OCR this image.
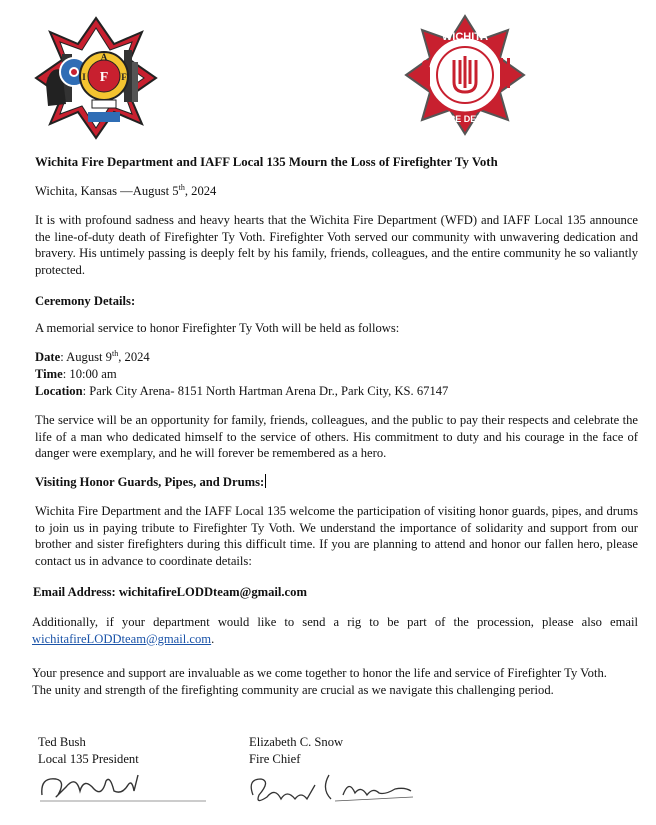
F
I	F
A
WICHITA
FIRE DEPT.
Wichita Fire Department and IAFF Local 135 Mourn the Loss of Firefighter Ty Voth
Wichita, Kansas —August 5th, 2024
It is with profound sadness and heavy hearts that the Wichita Fire Department (WFD) and IAFF Local 135 announce the line-of-duty death of Firefighter Ty Voth. Firefighter Voth served our community with unwavering dedication and bravery. His untimely passing is deeply felt by his family, friends, colleagues, and the entire community he so valiantly protected.
Ceremony Details:
A memorial service to honor Firefighter Ty Voth will be held as follows:
Date: August 9th, 2024
Time: 10:00 am
Location: Park City Arena- 8151 North Hartman Arena Dr., Park City, KS. 67147
The service will be an opportunity for family, friends, colleagues, and the public to pay their respects and celebrate the life of a man who dedicated himself to the service of others. His commitment to duty and his courage in the face of danger were exemplary, and he will forever be remembered as a hero.
Visiting Honor Guards, Pipes, and Drums:
Wichita Fire Department and the IAFF Local 135 welcome the participation of visiting honor guards, pipes, and drums to join us in paying tribute to Firefighter Ty Voth. We understand the importance of solidarity and support from our brother and sister firefighters during this difficult time. If you are planning to attend and honor our fallen hero, please contact us in advance to coordinate details:
Email Address: wichitafireLODDteam@gmail.com
Additionally, if your department would like to send a rig to be part of the procession, please also email wichitafireLODDteam@gmail.com.
Your presence and support are invaluable as we come together to honor the life and service of Firefighter Ty Voth. The unity and strength of the firefighting community are crucial as we navigate this challenging period.
Ted Bush
Local 135 President
Elizabeth C. Snow
Fire Chief
